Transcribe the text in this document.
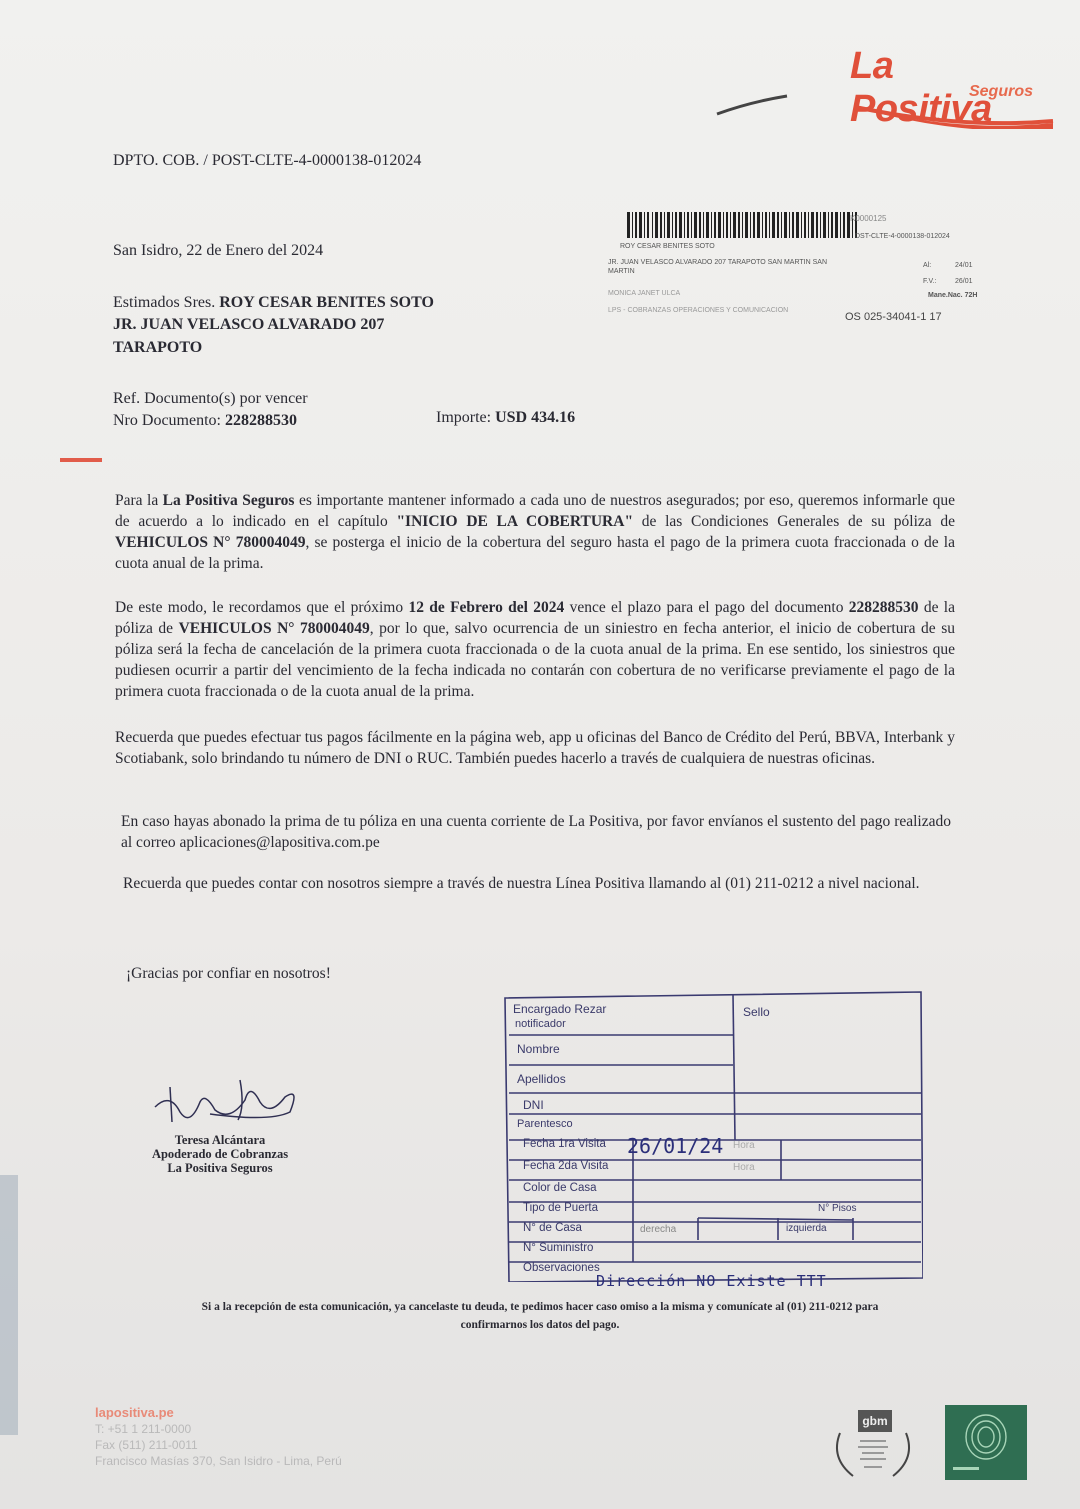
La Positiva
Seguros
DPTO. COB. / POST-CLTE-4-0000138-012024
San Isidro, 22 de Enero del 2024
K0000125
DST-CLTE-4-0000138-012024
ROY CESAR BENITES SOTO
JR. JUAN VELASCO ALVARADO 207 TARAPOTO SAN MARTIN SAN MARTIN
Al:	24/01
F.V.:	26/01
Mane.Nac. 72H
MONICA JANET ULCA
LPS - COBRANZAS OPERACIONES Y COMUNICACION
OS 025-34041-1 17
Estimados Sres. ROY CESAR BENITES SOTO
JR. JUAN VELASCO ALVARADO 207
TARAPOTO
Ref. Documento(s) por vencer
Nro Documento: 228288530	Importe: USD 434.16
Para la La Positiva Seguros es importante mantener informado a cada uno de nuestros asegurados; por eso, queremos informarle que de acuerdo a lo indicado en el capítulo "INICIO DE LA COBERTURA" de las Condiciones Generales de su póliza de VEHICULOS N° 780004049, se posterga el inicio de la cobertura del seguro hasta el pago de la primera cuota fraccionada o de la cuota anual de la prima.
De este modo, le recordamos que el próximo 12 de Febrero del 2024 vence el plazo para el pago del documento 228288530 de la póliza de VEHICULOS N° 780004049, por lo que, salvo ocurrencia de un siniestro en fecha anterior, el inicio de cobertura de su póliza será la fecha de cancelación de la primera cuota fraccionada o de la cuota anual de la prima. En ese sentido, los siniestros que pudiesen ocurrir a partir del vencimiento de la fecha indicada no contarán con cobertura de no verificarse previamente el pago de la primera cuota fraccionada o de la cuota anual de la prima.
Recuerda que puedes efectuar tus pagos fácilmente en la página web, app u oficinas del Banco de Crédito del Perú, BBVA, Interbank y Scotiabank, solo brindando tu número de DNI o RUC. También puedes hacerlo a través de cualquiera de nuestras oficinas.
En caso hayas abonado la prima de tu póliza en una cuenta corriente de La Positiva, por favor envíanos el sustento del pago realizado al correo aplicaciones@lapositiva.com.pe
Recuerda que puedes contar con nosotros siempre a través de nuestra Línea Positiva llamando al (01) 211-0212 a nivel nacional.
¡Gracias por confiar en nosotros!
Teresa Alcántara
Apoderado de Cobranzas
La Positiva Seguros
Encargado Rezar
notificador
Sello
Nombre
Apellidos
DNI
Parentesco
Fecha 1ra Visita 26/01/24 Hora
Fecha 2da Visita	Hora
Color de Casa
Tipo de Puerta	N° Pisos
N° de Casa	derecha	izquierda
N° Suministro
Observaciones
Dirección NO Existe TTT
Si a la recepción de esta comunicación, ya cancelaste tu deuda, te pedimos hacer caso omiso a la misma y comunícate al (01) 211-0212 para
confirmarnos los datos del pago.
lapositiva.pe
T: +51 1 211-0000
Fax (511) 211-0011
Francisco Masías 370, San Isidro - Lima, Perú
gbm
